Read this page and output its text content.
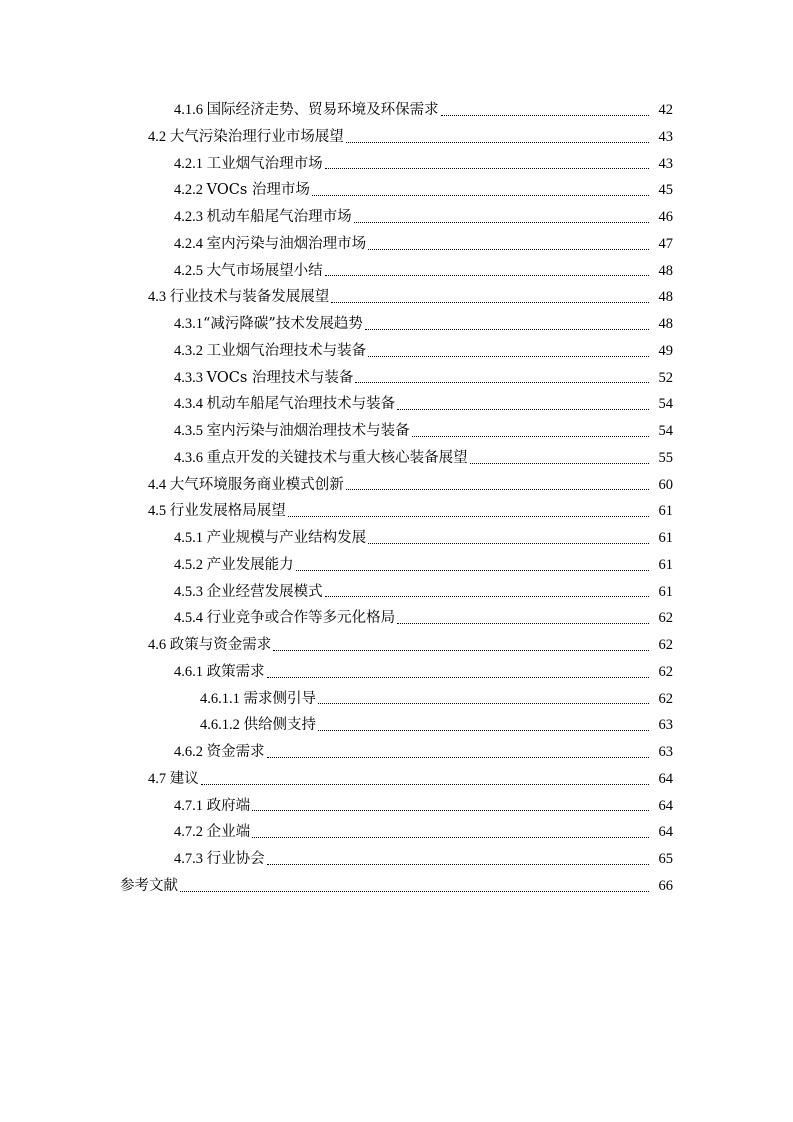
4.1.6 国际经济走势、贸易环境及环保需求	42
4.2 大气污染治理行业市场展望	43
4.2.1 工业烟气治理市场	43
4.2.2 VOCs 治理市场	45
4.2.3 机动车船尾气治理市场	46
4.2.4 室内污染与油烟治理市场	47
4.2.5 大气市场展望小结	48
4.3 行业技术与装备发展展望	48
4.3.1 “减污降碳”技术发展趋势	48
4.3.2 工业烟气治理技术与装备	49
4.3.3 VOCs 治理技术与装备	52
4.3.4 机动车船尾气治理技术与装备	54
4.3.5 室内污染与油烟治理技术与装备	54
4.3.6 重点开发的关键技术与重大核心装备展望	55
4.4 大气环境服务商业模式创新	60
4.5 行业发展格局展望	61
4.5.1 产业规模与产业结构发展	61
4.5.2 产业发展能力	61
4.5.3 企业经营发展模式	61
4.5.4 行业竞争或合作等多元化格局	62
4.6 政策与资金需求	62
4.6.1 政策需求	62
4.6.1.1 需求侧引导	62
4.6.1.2 供给侧支持	63
4.6.2 资金需求	63
4.7 建议	64
4.7.1 政府端	64
4.7.2 企业端	64
4.7.3 行业协会	65
参考文献	66
